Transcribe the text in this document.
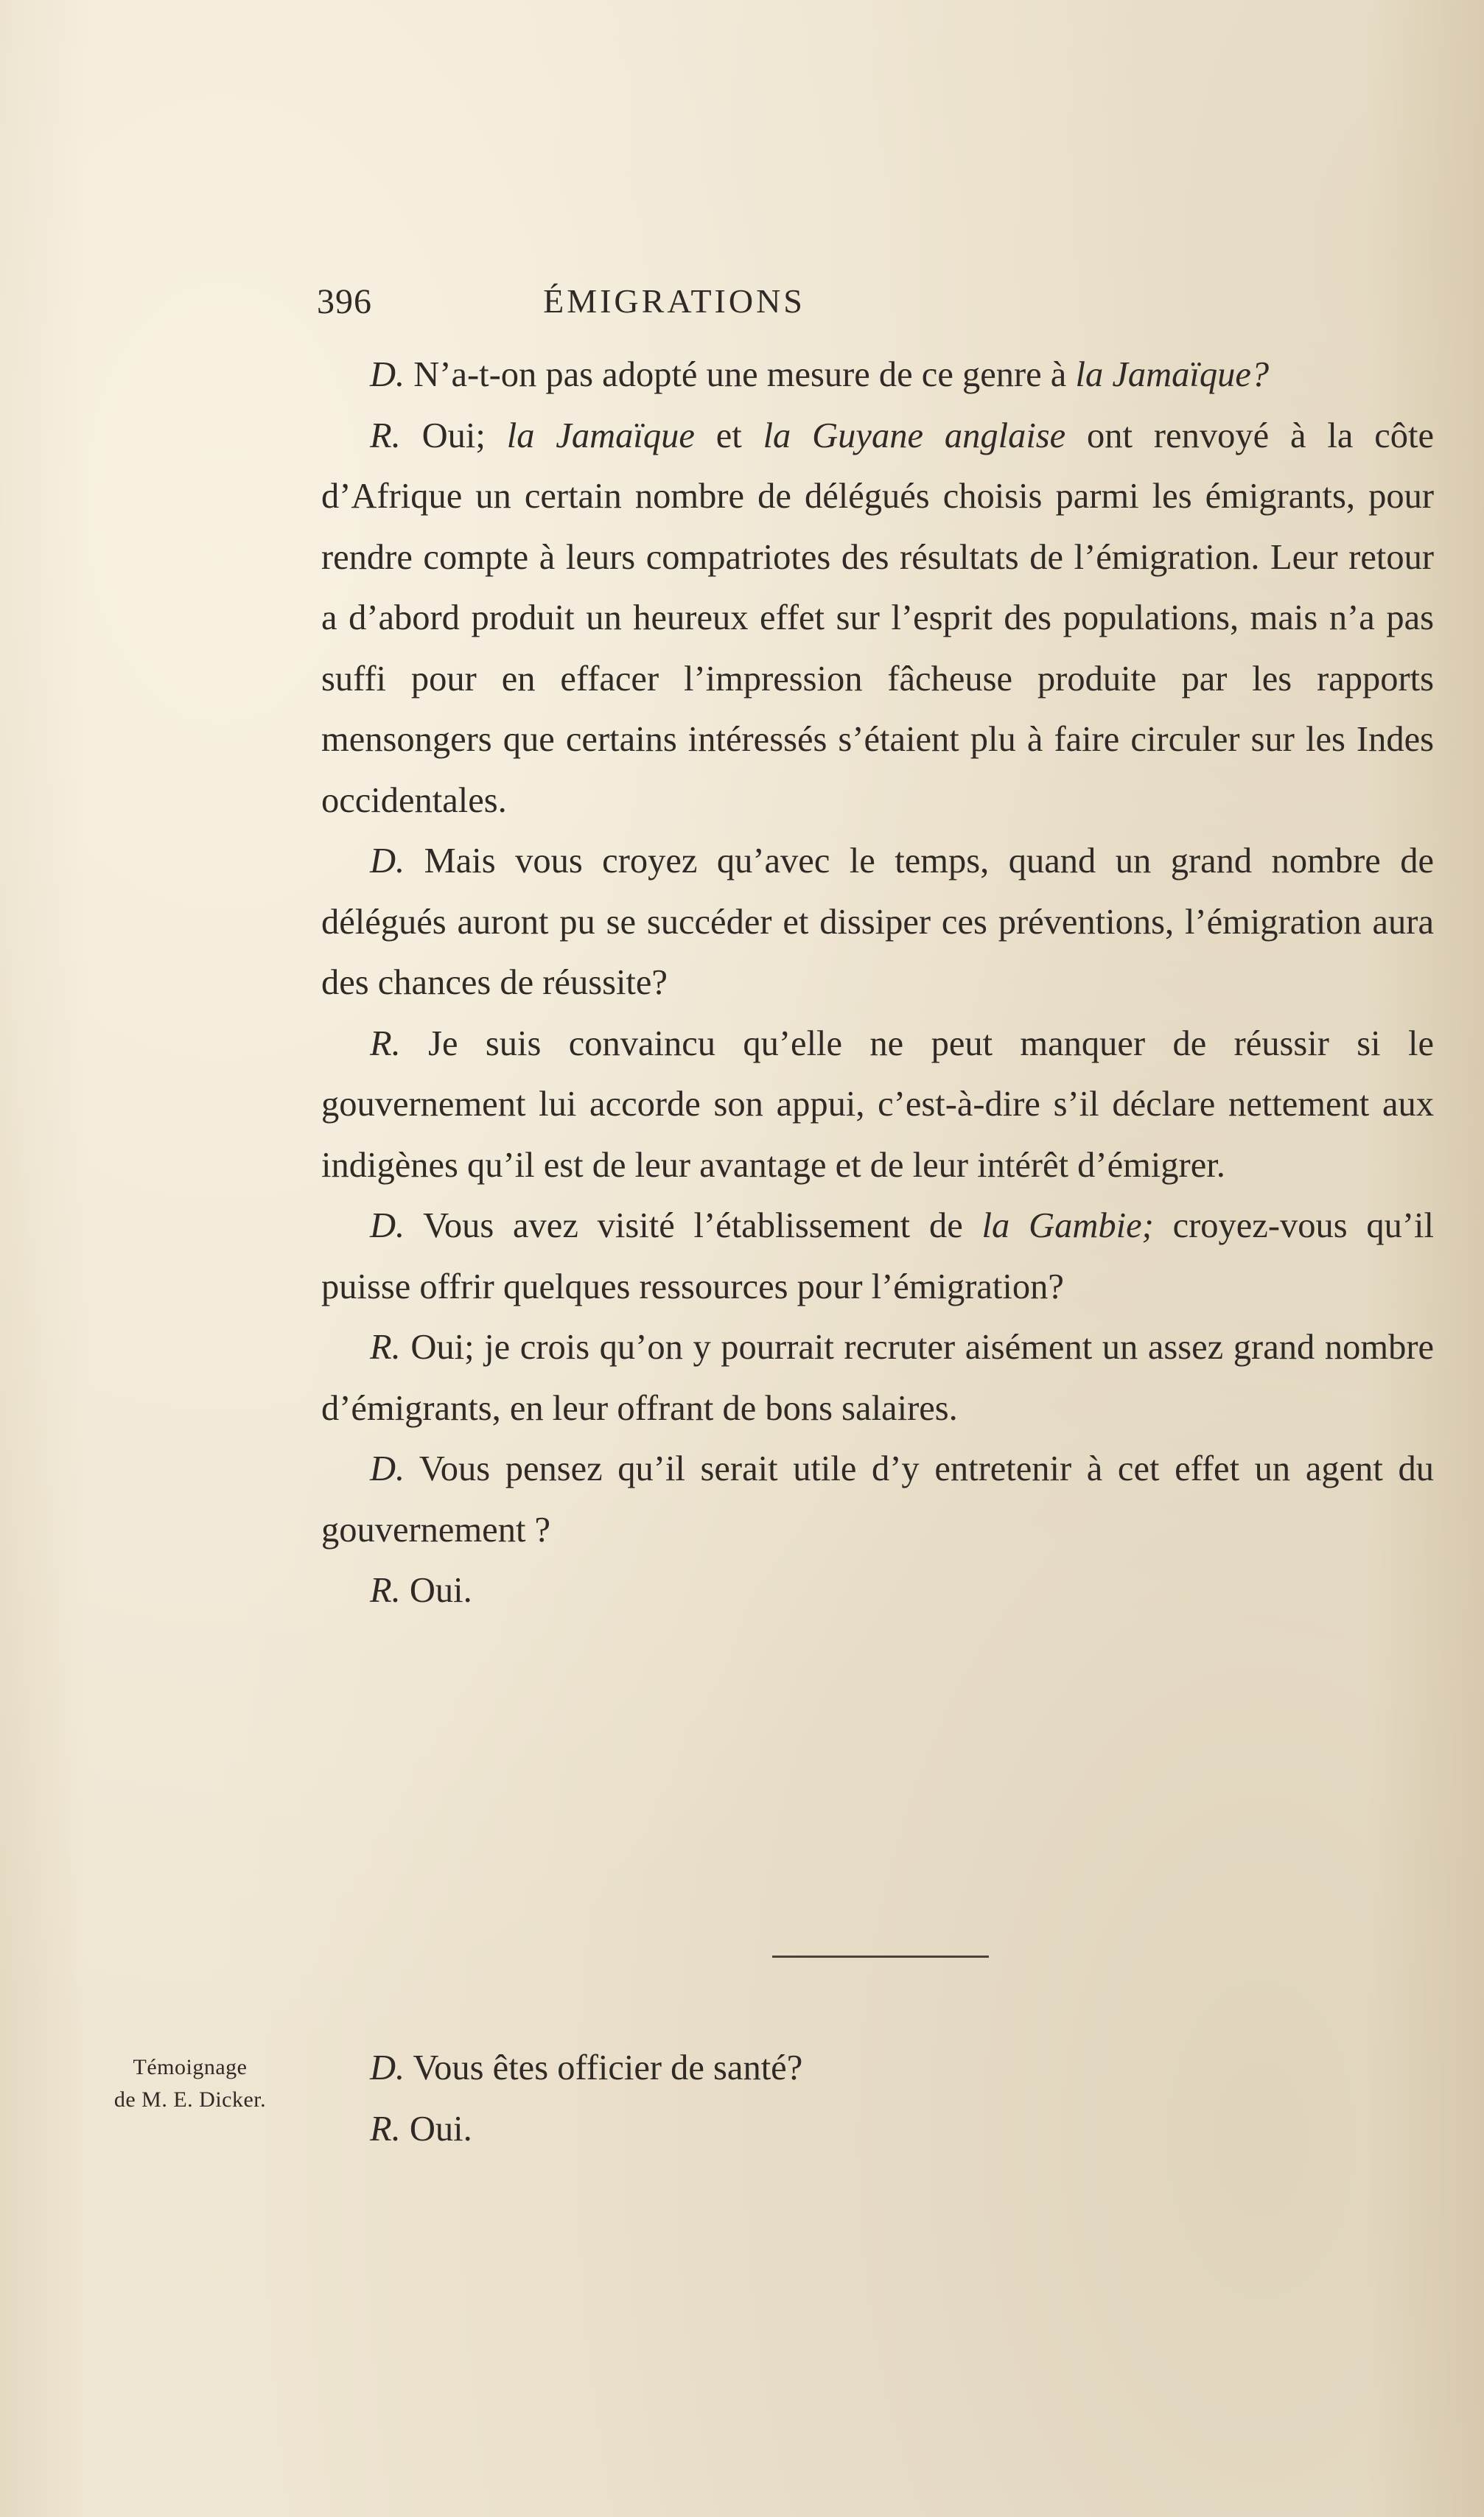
396	ÉMIGRATIONS

D. N’a-t-on pas adopté une mesure de ce genre à la Jamaïque?

R. Oui; la Jamaïque et la Guyane anglaise ont renvoyé à la côte d’Afrique un certain nombre de délégués choisis parmi les émigrants, pour rendre compte à leurs compatriotes des résultats de l’émigration. Leur retour a d’abord produit un heureux effet sur l’esprit des populations, mais n’a pas suffi pour en effacer l’impression fâcheuse produite par les rapports mensongers que certains intéressés s’étaient plu à faire circuler sur les Indes occidentales.

D. Mais vous croyez qu’avec le temps, quand un grand nombre de délégués auront pu se succéder et dissiper ces préventions, l’émigration aura des chances de réussite?

R. Je suis convaincu qu’elle ne peut manquer de réussir si le gouvernement lui accorde son appui, c’est-à-dire s’il déclare nettement aux indigènes qu’il est de leur avantage et de leur intérêt d’émigrer.

D. Vous avez visité l’établissement de la Gambie; croyez-vous qu’il puisse offrir quelques ressources pour l’émigration?

R. Oui; je crois qu’on y pourrait recruter aisément un assez grand nombre d’émigrants, en leur offrant de bons salaires.

D. Vous pensez qu’il serait utile d’y entretenir à cet effet un agent du gouvernement ?

R. Oui.

Témoignage
de M. E. Dicker.

D. Vous êtes officier de santé?

R. Oui.
